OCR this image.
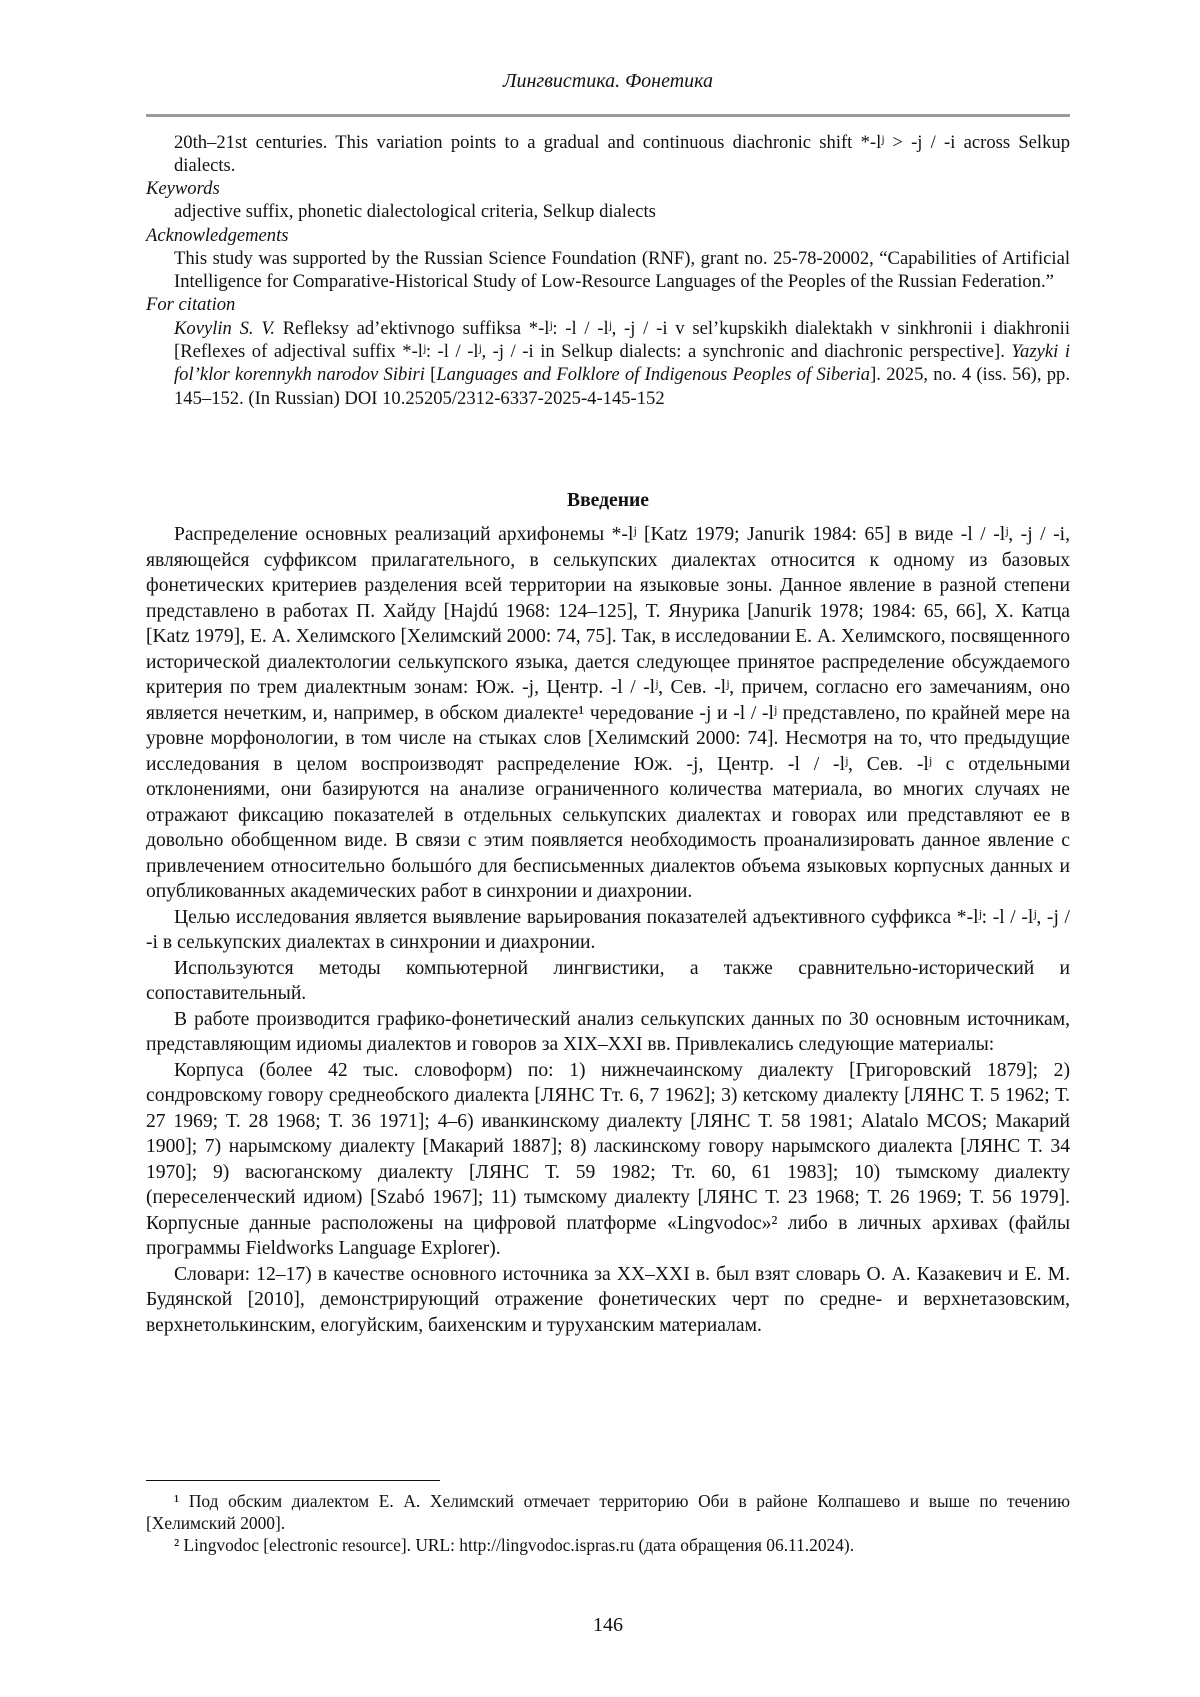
Лингвистика. Фонетика
20th–21st centuries. This variation points to a gradual and continuous diachronic shift *-lʲ > -j / -i across Selkup dialects.
Keywords
adjective suffix, phonetic dialectological criteria, Selkup dialects
Acknowledgements
This study was supported by the Russian Science Foundation (RNF), grant no. 25-78-20002, “Capabilities of Artificial Intelligence for Comparative-Historical Study of Low-Resource Languages of the Peoples of the Russian Federation.”
For citation
Kovylin S. V. Refleksy ad’ektivnogo suffiksa *-lʲ: -l / -lʲ, -j / -i v sel’kupskikh dialektakh v sinkhronii i diakhronii [Reflexes of adjectival suffix *-lʲ: -l / -lʲ, -j / -i in Selkup dialects: a synchronic and diachronic perspective]. Yazyki i fol’klor korennykh narodov Sibiri [Languages and Folklore of Indigenous Peoples of Siberia]. 2025, no. 4 (iss. 56), pp. 145–152. (In Russian) DOI 10.25205/2312-6337-2025-4-145-152
Введение

Распределение основных реализаций архифонемы *-lʲ [Katz 1979; Janurik 1984: 65] в виде -l / -lʲ, -j / -i, являющейся суффиксом прилагательного, в селькупских диалектах относится к одному из базовых фонетических критериев разделения всей территории на языковые зоны. Данное явление в разной степени представлено в работах П. Хайду [Hajdú 1968: 124–125], Т. Янурика [Janurik 1978; 1984: 65, 66], Х. Катца [Katz 1979], Е. А. Хелимского [Хелимский 2000: 74, 75]. Так, в исследовании Е. А. Хелимского, посвященного исторической диалектологии селькупского языка, дается следующее принятое распределение обсуждаемого критерия по трем диалектным зонам: Юж. -j, Центр. -l / -lʲ, Сев. -lʲ, причем, согласно его замечаниям, оно является нечетким, и, например, в обском диалекте¹ чередование -j и -l / -lʲ представлено, по крайней мере на уровне морфонологии, в том числе на стыках слов [Хелимский 2000: 74]. Несмотря на то, что предыдущие исследования в целом воспроизводят распределение Юж. -j, Центр. -l / -lʲ, Сев. -lʲ с отдельными отклонениями, они базируются на анализе ограниченного количества материала, во многих случаях не отражают фиксацию показателей в отдельных селькупских диалектах и говорах или представляют ее в довольно обобщенном виде. В связи с этим появляется необходимость проанализировать данное явление с привлечением относительно большóго для бесписьменных диалектов объема языковых корпусных данных и опубликованных академических работ в синхронии и диахронии.

Целью исследования является выявление варьирования показателей адъективного суффикса *-lʲ: -l / -lʲ, -j / -i в селькупских диалектах в синхронии и диахронии.

Используются методы компьютерной лингвистики, а также сравнительно-исторический и сопоставительный.

В работе производится графико-фонетический анализ селькупских данных по 30 основным источникам, представляющим идиомы диалектов и говоров за XIX–XXI вв. Привлекались следующие материалы:

Корпуса (более 42 тыс. словоформ) по: 1) нижнечаинскому диалекту [Григоровский 1879]; 2) сондровскому говору среднеобского диалекта [ЛЯНС Тт. 6, 7 1962]; 3) кетскому диалекту [ЛЯНС Т. 5 1962; Т. 27 1969; Т. 28 1968; Т. 36 1971]; 4–6) иванкинскому диалекту [ЛЯНС Т. 58 1981; Alatalo MCOS; Макарий 1900]; 7) нарымскому диалекту [Макарий 1887]; 8) ласкинскому говору нарымского диалекта [ЛЯНС Т. 34 1970]; 9) васюганскому диалекту [ЛЯНС Т. 59 1982; Тт. 60, 61 1983]; 10) тымскому диалекту (переселенческий идиом) [Szabó 1967]; 11) тымскому диалекту [ЛЯНС Т. 23 1968; Т. 26 1969; Т. 56 1979]. Корпусные данные расположены на цифровой платформе «Lingvodoc»² либо в личных архивах (файлы программы Fieldworks Language Explorer).

Словари: 12–17) в качестве основного источника за XX–XXI в. был взят словарь О. А. Казакевич и Е. М. Будянской [2010], демонстрирующий отражение фонетических черт по средне- и верхнетазовским, верхнетолькинским, елогуйским, баихенским и туруханским материалам.

¹ Под обским диалектом Е. А. Хелимский отмечает территорию Оби в районе Колпашево и выше по течению [Хелимский 2000].

² Lingvodoc [electronic resource]. URL: http://lingvodoc.ispras.ru (дата обращения 06.11.2024).

146
